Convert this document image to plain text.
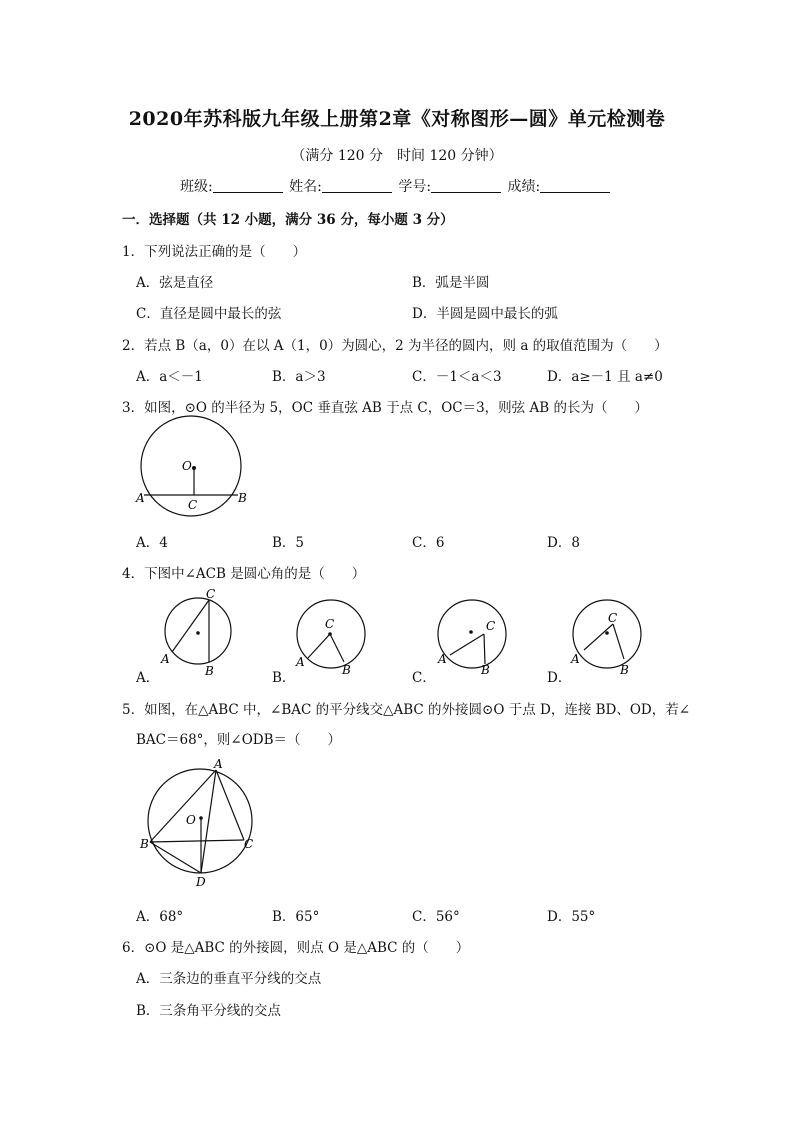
2020年苏科版九年级上册第2章《对称图形—圆》单元检测卷
（满分 120 分　时间 120 分钟）
班级:	姓名:	学号:	成绩:
一．选择题（共 12 小题，满分 36 分，每小题 3 分）
1．下列说法正确的是（　　）
A．弦是直径	B．弧是半圆
C．直径是圆中最长的弦	D．半圆是圆中最长的弧
2．若点 B（a，0）在以 A（1，0）为圆心，2 为半径的圆内，则 a 的取值范围为（　　）
A．a＜－1	B．a＞3	C．－1＜a＜3	D．a≥－1 且 a≠0
3．如图，⊙O 的半径为 5，OC 垂直弦 AB 于点 C，OC＝3，则弦 AB 的长为（　　）
O
A	C	B
A．4	B．5	C．6	D．8
4．下图中∠ACB 是圆心角的是（　　）
A．
C
A
B	B．
C
A
B	C．
C
A
B	D．
C
A
B
5．如图，在△ABC 中，∠BAC 的平分线交△ABC 的外接圆⊙O 于点 D，连接 BD、OD，若∠
BAC＝68°，则∠ODB＝（　　）
A
O
B	C
D
A．68°	B．65°	C．56°	D．55°
6．⊙O 是△ABC 的外接圆，则点 O 是△ABC 的（　　）
A．三条边的垂直平分线的交点
B．三条角平分线的交点
